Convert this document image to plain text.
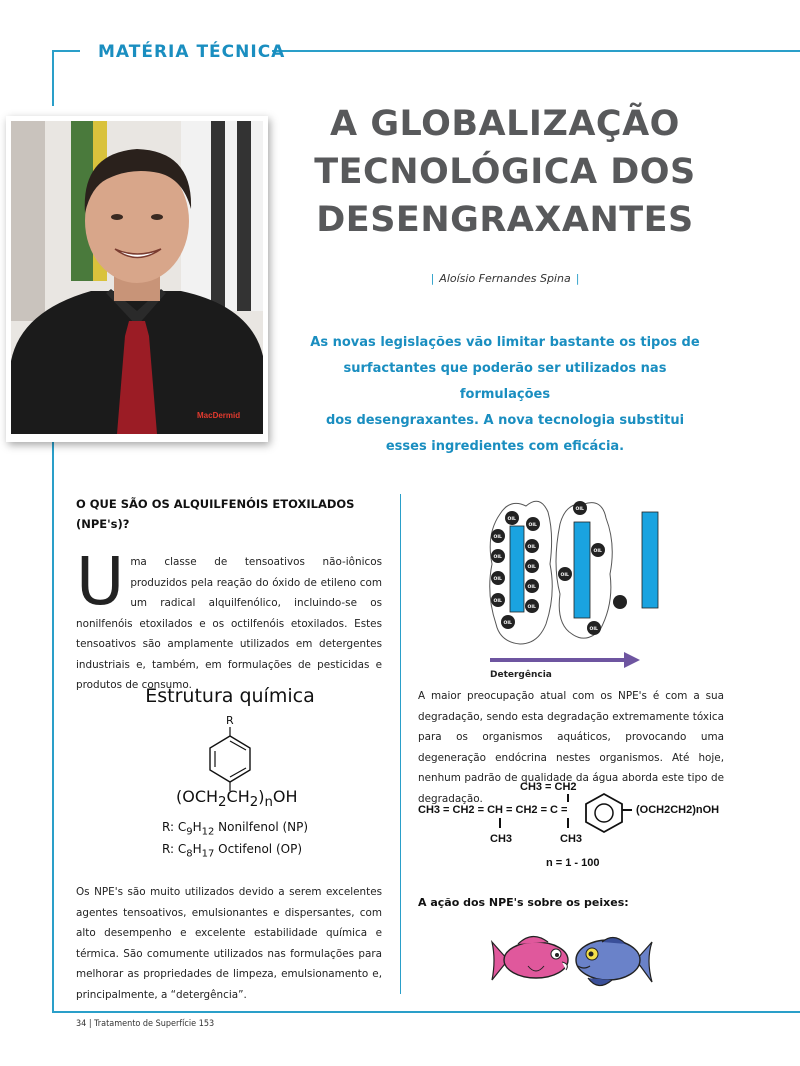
MATÉRIA TÉCNICA
MacDermid
A GLOBALIZAÇÃO
TECNOLÓGICA DOS
DESENGRAXANTES
| Aloísio Fernandes Spina |
As novas legislações vão limitar bastante os tipos de
surfactantes que poderão ser utilizados nas formulações
dos desengraxantes. A nova tecnologia substitui
esses ingredientes com eficácia.
O QUE SÃO OS ALQUILFENÓIS ETOXILADOS (NPE's)?
Uma classe de tensoativos não-iônicos produzidos pela reação do óxido de etileno com um radical alquilfenólico, incluindo-se os nonilfenóis etoxilados e os octilfenóis etoxilados. Estes tensoativos são amplamente utilizados em detergentes industriais e, também, em formulações de pesticidas e produtos de consumo.
Estrutura química
R
$(OCH_2CH_2)_nOH$
R: $C_9H_{12}$ Nonilfenol (NP)
R: $C_8H_{17}$ Octifenol (OP)
Os NPE's são muito utilizados devido a serem excelentes agentes tensoativos, emulsionantes e dispersantes, com alto desempenho e excelente estabilidade química e térmica. São comumente utilizados nas formulações para melhorar as propriedades de limpeza, emulsionamento e, principalmente, a “detergência”.
OIL
OIL
OIL
OIL
OIL
OIL
OIL
OIL
OIL
OIL
OIL
OIL
OIL
OIL
OIL
Detergência
A maior preocupação atual com os NPE's é com a sua degradação, sendo esta degradação extremamente tóxica para os organismos aquáticos, provocando uma degeneração endócrina nestes organismos. Até hoje, nenhum padrão de qualidade da água aborda este tipo de degradação.
CH3 = CH2
CH3 = CH2 = CH = CH2 = C =	(OCH2CH2)nOH
CH3	CH3
n = 1 - 100
A ação dos NPE's sobre os peixes:
34 | Tratamento de Superfície 153
